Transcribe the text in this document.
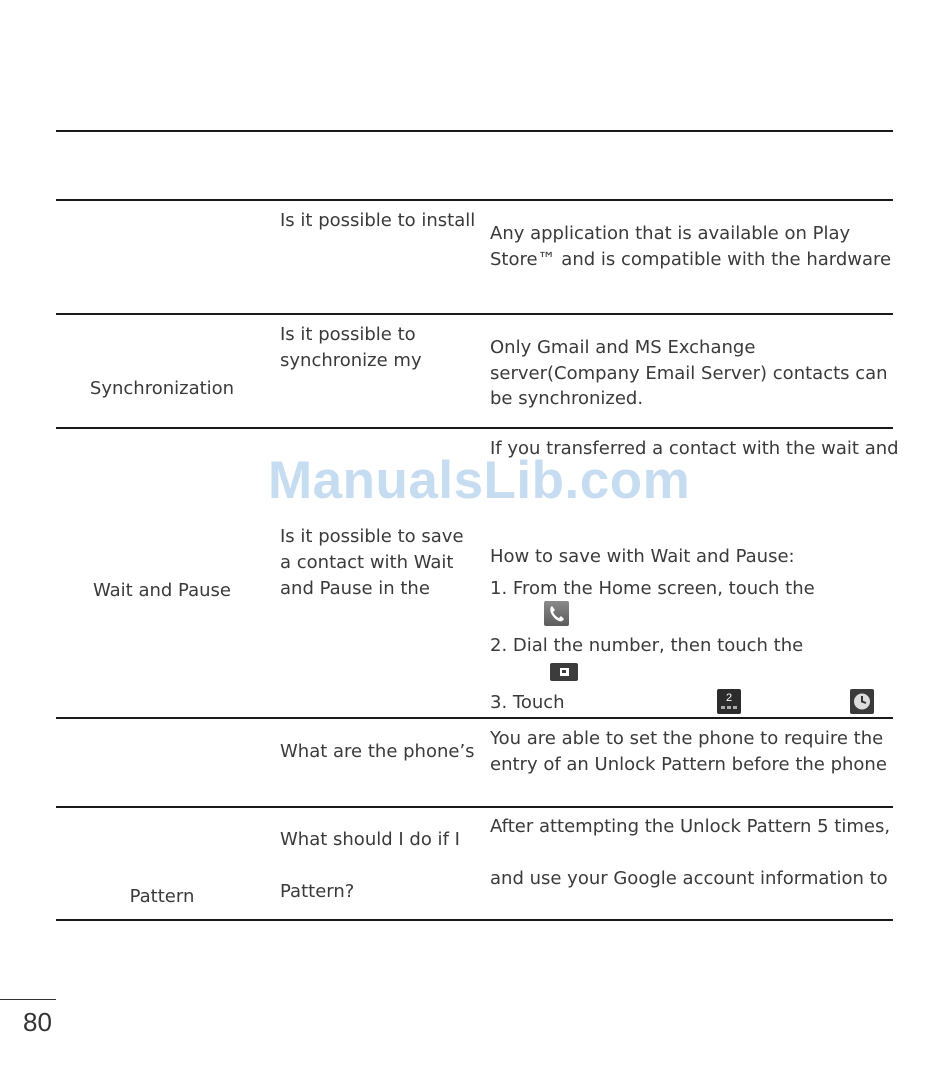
Is it possible to install
Any application that is available on Play
Store™ and is compatible with the hardware
Synchronization
Is it possible to
synchronize my
Only Gmail and MS Exchange
server(Company Email Server) contacts can
be synchronized.
Wait and Pause
Is it possible to save
a contact with Wait
and Pause in the
If you transferred a contact with the wait and
How to save with Wait and Pause:
1. From the Home screen, touch the
2. Dial the number, then touch the
3. Touch	2
What are the phone’s
You are able to set the phone to require the
entry of an Unlock Pattern before the phone
Pattern
What should I do if I
Pattern?
After attempting the Unlock Pattern 5 times,
and use your Google account information to
ManualsLib.com
80
